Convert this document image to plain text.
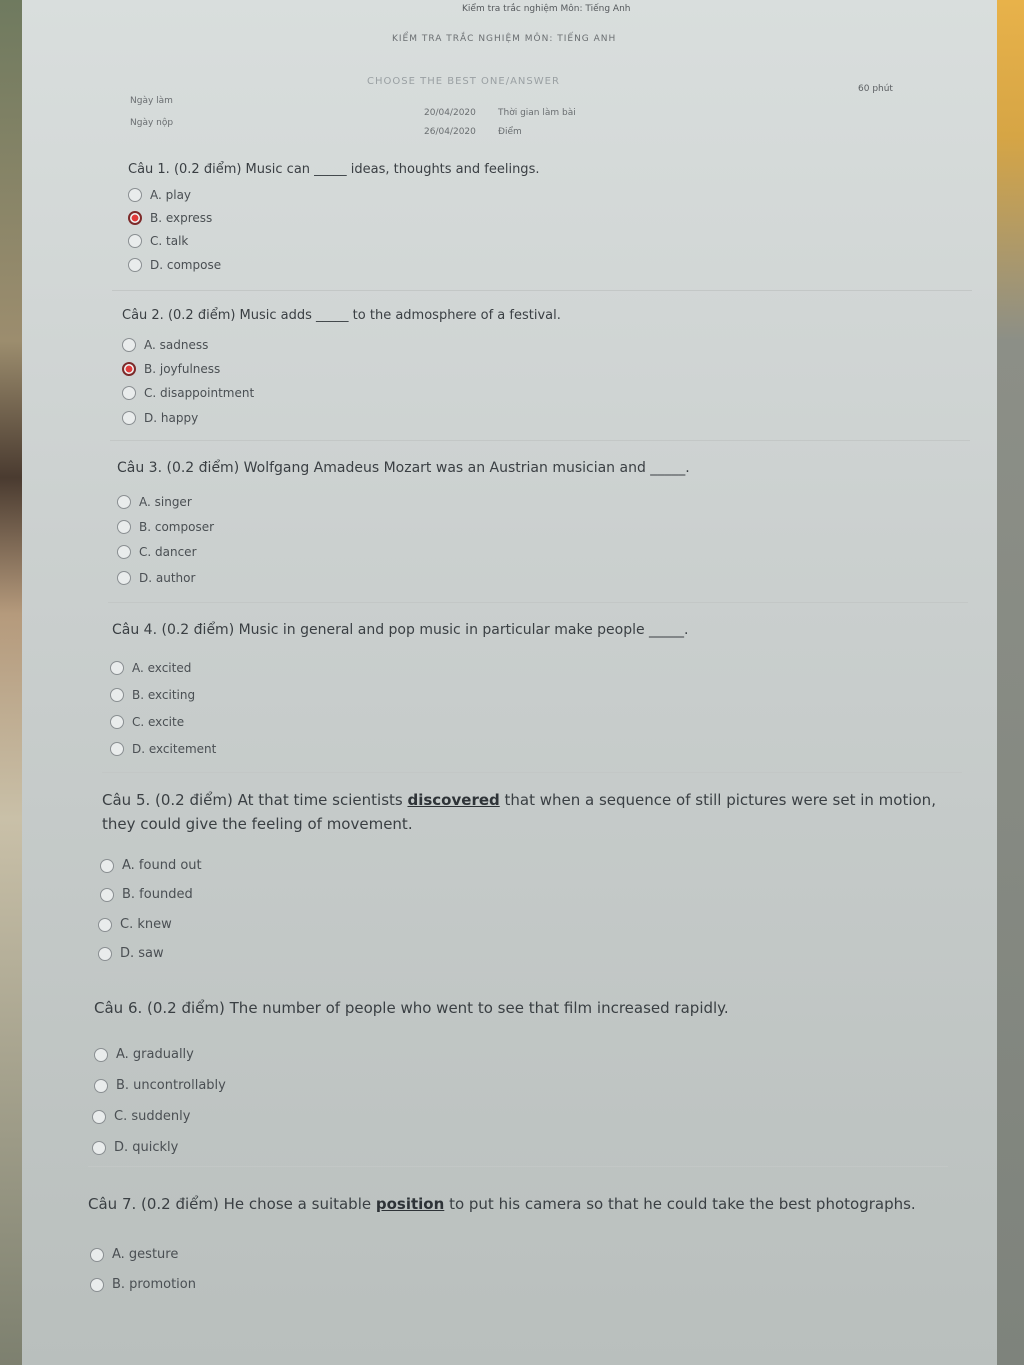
Kiểm tra trắc nghiệm Môn: Tiếng Anh
KIỂM TRA TRẮC NGHIỆM MÔN: TIẾNG ANH
CHOOSE THE BEST ONE/ANSWER
Ngày làm
20/04/2020 Thời gian làm bài
Ngày nộp
26/04/2020 Điểm
60 phút
Câu 1. (0.2 điểm) Music can _____ ideas, thoughts and feelings.
A. play
B. express
C. talk
D. compose
Câu 2. (0.2 điểm) Music adds _____ to the admosphere of a festival.
A. sadness
B. joyfulness
C. disappointment
D. happy
Câu 3. (0.2 điểm) Wolfgang Amadeus Mozart was an Austrian musician and _____.
A. singer
B. composer
C. dancer
D. author
Câu 4. (0.2 điểm) Music in general and pop music in particular make people _____.
A. excited
B. exciting
C. excite
D. excitement
Câu 5. (0.2 điểm) At that time scientists discovered that when a sequence of still pictures were set in motion,
they could give the feeling of movement.
A. found out
B. founded
C. knew
D. saw
Câu 6. (0.2 điểm) The number of people who went to see that film increased rapidly.
A. gradually
B. uncontrollably
C. suddenly
D. quickly
Câu 7. (0.2 điểm) He chose a suitable position to put his camera so that he could take the best photographs.
A. gesture
B. promotion
